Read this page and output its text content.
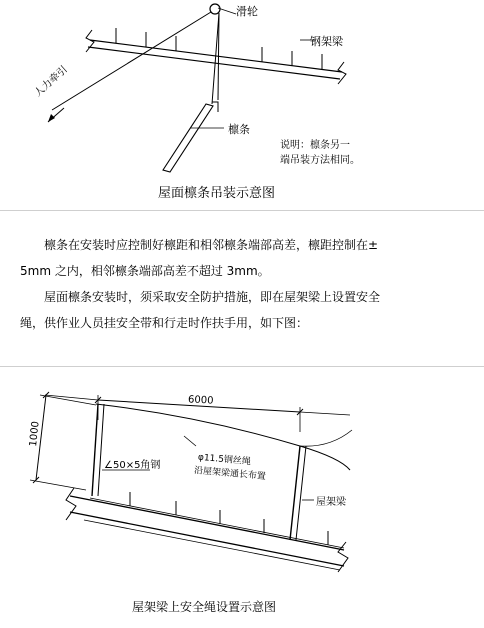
滑轮
钢架梁
人力牵引
檩条
说明：檩条另一
端吊装方法相同。
屋面檩条吊装示意图

檩条在安装时应控制好檩距和相邻檩条端部高差，檩距控制在±

5mm 之内，相邻檩条端部高差不超过 3mm。

屋面檩条安装时，须采取安全防护措施，即在屋架梁上设置安全

绳，供作业人员挂安全带和行走时作扶手用，如下图：

6000
1000
∠50×5角钢	φ11.5钢丝绳
沿屋架梁通长布置
屋架梁
屋架梁上安全绳设置示意图
